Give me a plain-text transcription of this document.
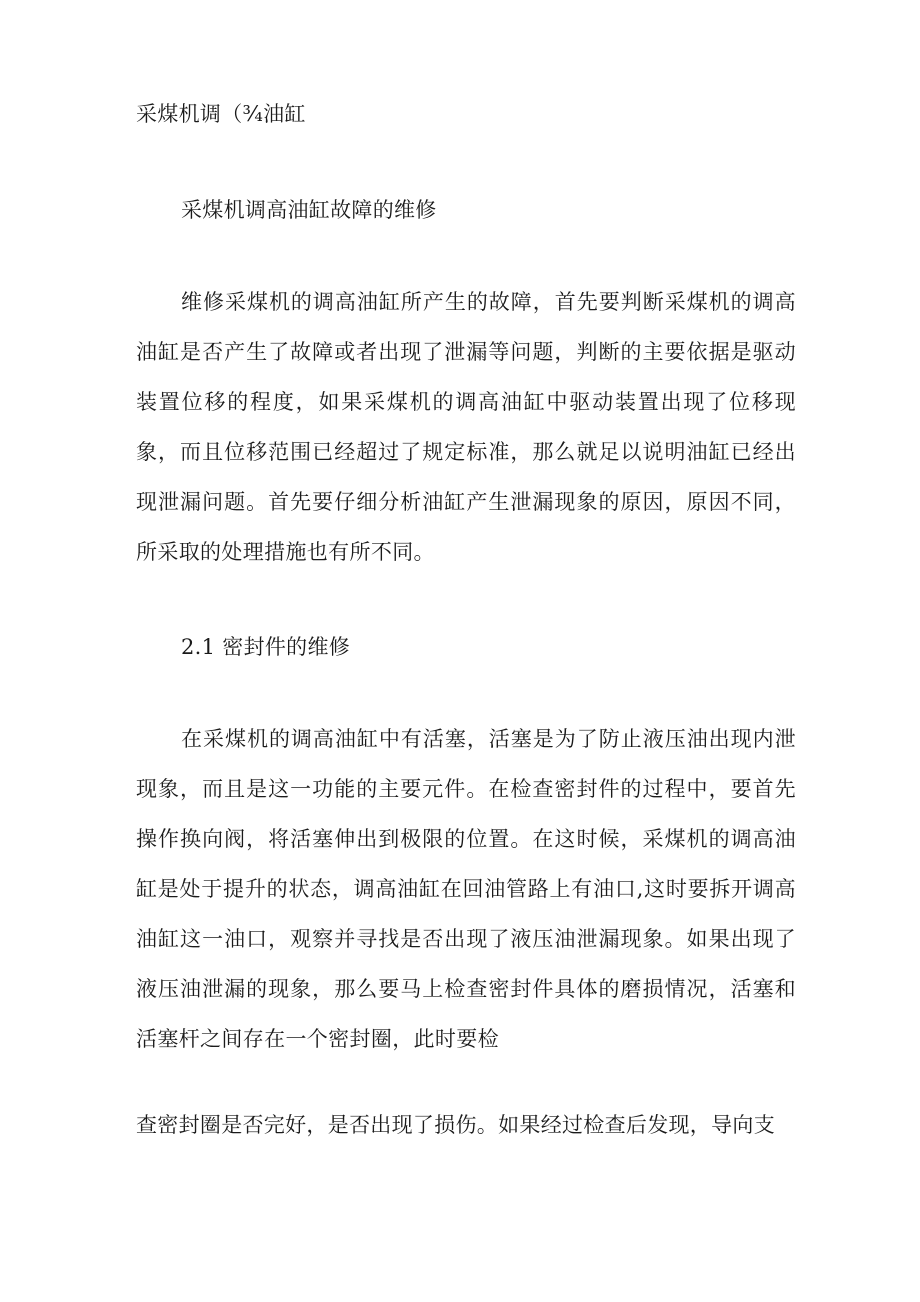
采煤机调（¾油缸
采煤机调高油缸故障的维修
维修采煤机的调高油缸所产生的故障，首先要判断采煤机的调高油缸是否产生了故障或者出现了泄漏等问题，判断的主要依据是驱动装置位移的程度，如果采煤机的调高油缸中驱动装置出现了位移现象，而且位移范围已经超过了规定标准，那么就足以说明油缸已经出现泄漏问题。首先要仔细分析油缸产生泄漏现象的原因，原因不同，所采取的处理措施也有所不同。
2.1 密封件的维修
在采煤机的调高油缸中有活塞，活塞是为了防止液压油出现内泄现象，而且是这一功能的主要元件。在检查密封件的过程中，要首先操作换向阀，将活塞伸出到极限的位置。在这时候，采煤机的调高油缸是处于提升的状态，调高油缸在回油管路上有油口,这时要拆开调高油缸这一油口，观察并寻找是否出现了液压油泄漏现象。如果出现了液压油泄漏的现象，那么要马上检查密封件具体的磨损情况，活塞和活塞杆之间存在一个密封圈，此时要检
查密封圈是否完好，是否出现了损伤。如果经过检查后发现，导向支
